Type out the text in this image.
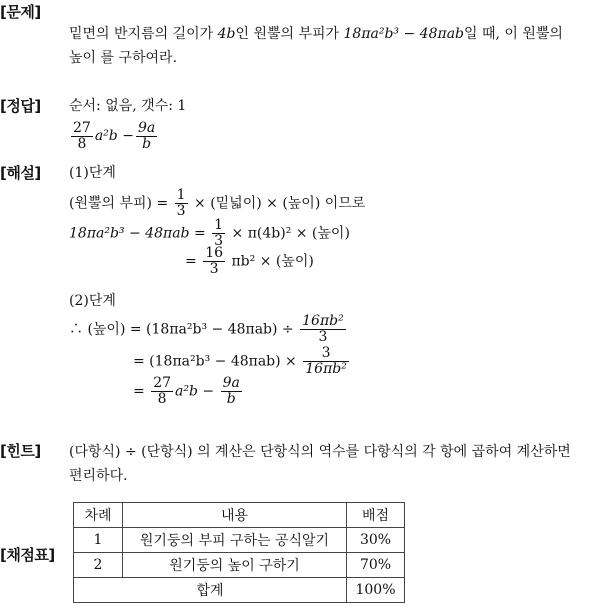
[문제]
밑면의 반지름의 길이가 4b인 원뿔의 부피가 18πa²b³ − 48πab일 때, 이 원뿔의
높이 를 구하여라.
[정답] 순서: 없음, 갯수: 1
$\frac{27}{8} a^2b - \frac{9a}{b}$
[해설] (1)단계
(원뿔의 부피) = $\frac{1}{3}$ × (밑넓이) × (높이) 이므로
$18\pi a^2b^3 - 48\pi ab = \frac{1}{3} \times \pi(4b)^2$ × (높이)
= $\frac{16}{3} \pi b^2$ × (높이)
(2)단계
∴ (높이) = $(18\pi a^2b^3 - 48\pi ab) \div \frac{\text{16πb²}}{3}$
= $(18\pi a^2b^3 - 48\pi ab) \times \frac{3}{\text{16πb²}}$
= $\frac{27}{8} a^2b - \frac{9a}{b}$
[힌트] (다항식) ÷ (단항식) 의 계산은 단항식의 역수를 다항식의 각 항에 곱하여 계산하면
편리하다.
[채점표]
차례	내용	배점
1	원기둥의 부피 구하는 공식알기	30%
2	원기둥의 높이 구하기	70%
합계		100%
